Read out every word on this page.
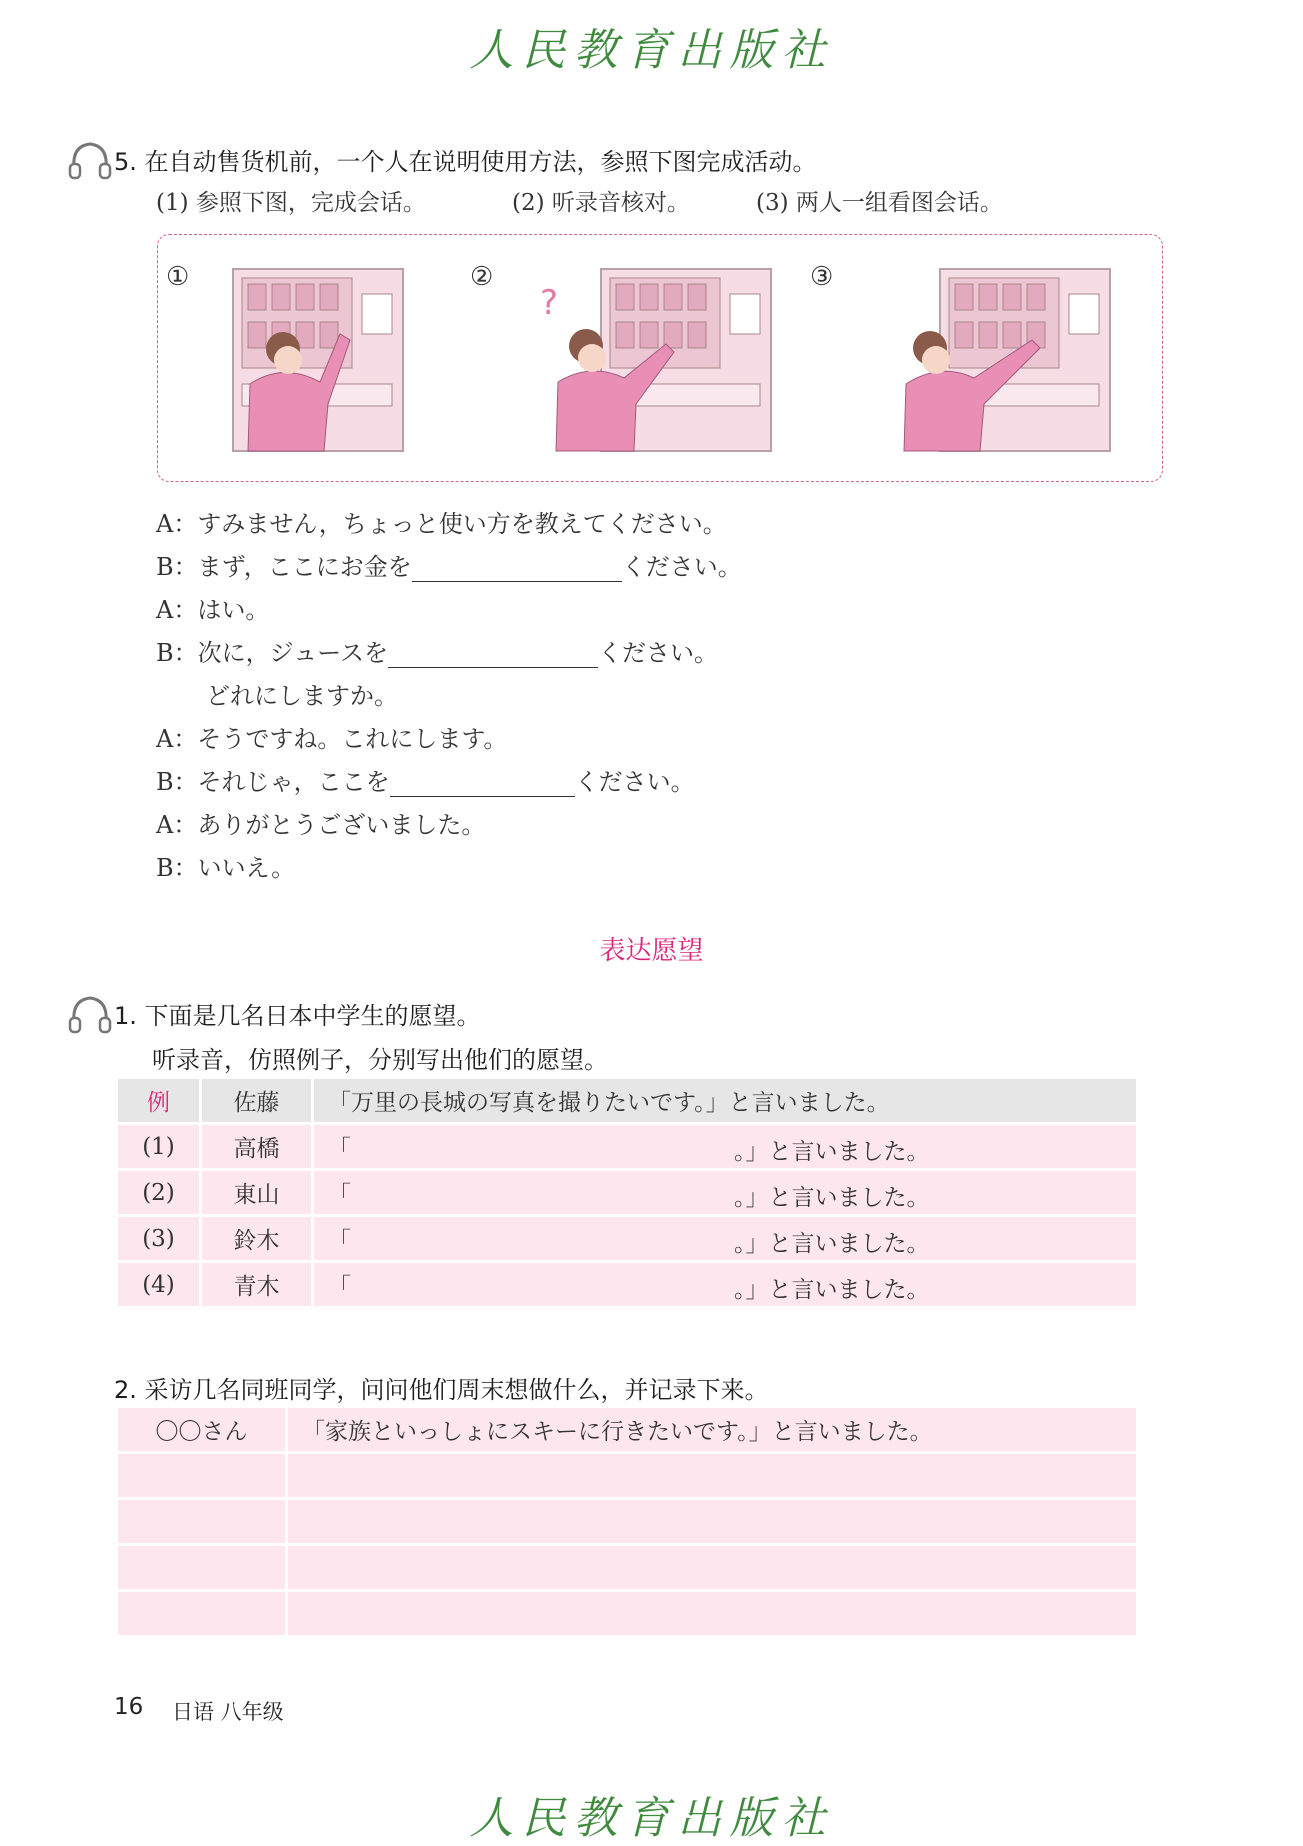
人民教育出版社
5. 在自动售货机前，一个人在说明使用方法，参照下图完成活动。
(1) 参照下图，完成会话。	(2) 听录音核对。	(3) 两人一组看图会话。
①	②	③
?
A：すみません，ちょっと使い方を教えてください。
B：まず，ここにお金を	ください。
A：はい。
B：次に，ジュースを	ください。
どれにしますか。
A：そうですね。これにします。
B：それじゃ，ここを	ください。
A：ありがとうございました。
B：いいえ。
表达愿望
1. 下面是几名日本中学生的愿望。
听录音，仿照例子，分别写出他们的愿望。
例	佐藤	「万里の長城の写真を撮りたいです。」と言いました。
(1)	高橋	「 。」と言いました。

(2)	東山	「 。」と言いました。

(3)	鈴木	「 。」と言いました。

(4)	青木	「 。」と言いました。
2. 采访几名同班同学，问问他们周末想做什么，并记录下来。
〇〇さん	「家族といっしょにスキーに行きたいです。」と言いました。

16 日语 八年级
人民教育出版社
